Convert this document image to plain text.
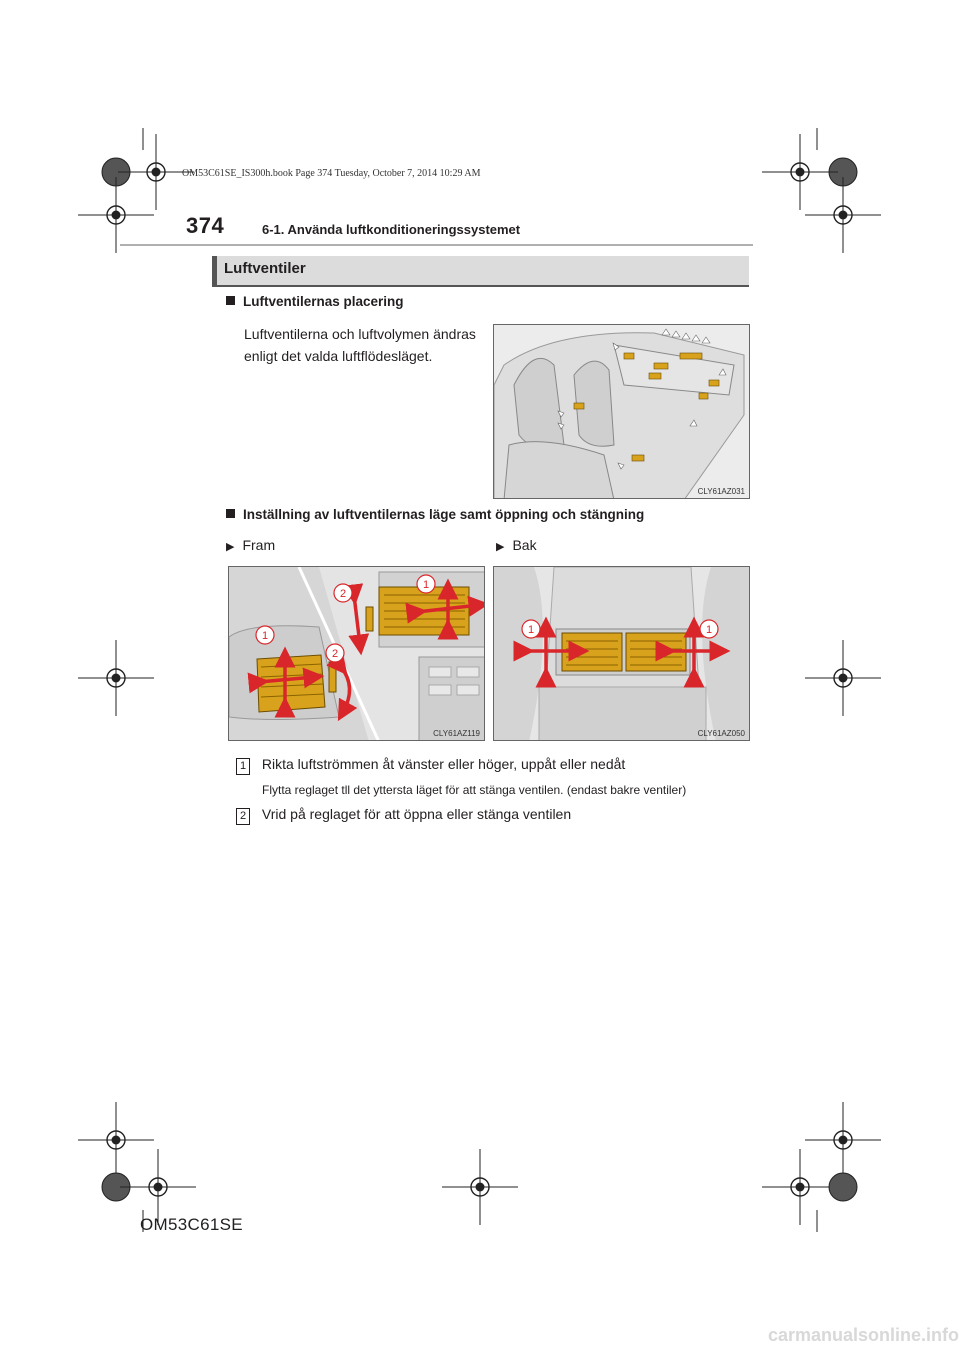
OM53C61SE_IS300h.book Page 374 Tuesday, October 7, 2014 10:29 AM
374	6-1. Använda luftkonditioneringssystemet
Luftventiler
Luftventilernas placering
Luftventilerna och luftvolymen ändras
enligt det valda luftflödesläget.
CLY61AZ031
Inställning av luftventilernas läge samt öppning och stängning
▶ Fram	▶ Bak
1
2
1
2
CLY61AZ119
1	1
CLY61AZ050
1 Rikta luftströmmen åt vänster eller höger, uppåt eller nedåt
Flytta reglaget tll det yttersta läget för att stänga ventilen. (endast bakre ventiler)
2 Vrid på reglaget för att öppna eller stänga ventilen
OM53C61SE
carmanualsonline.info
